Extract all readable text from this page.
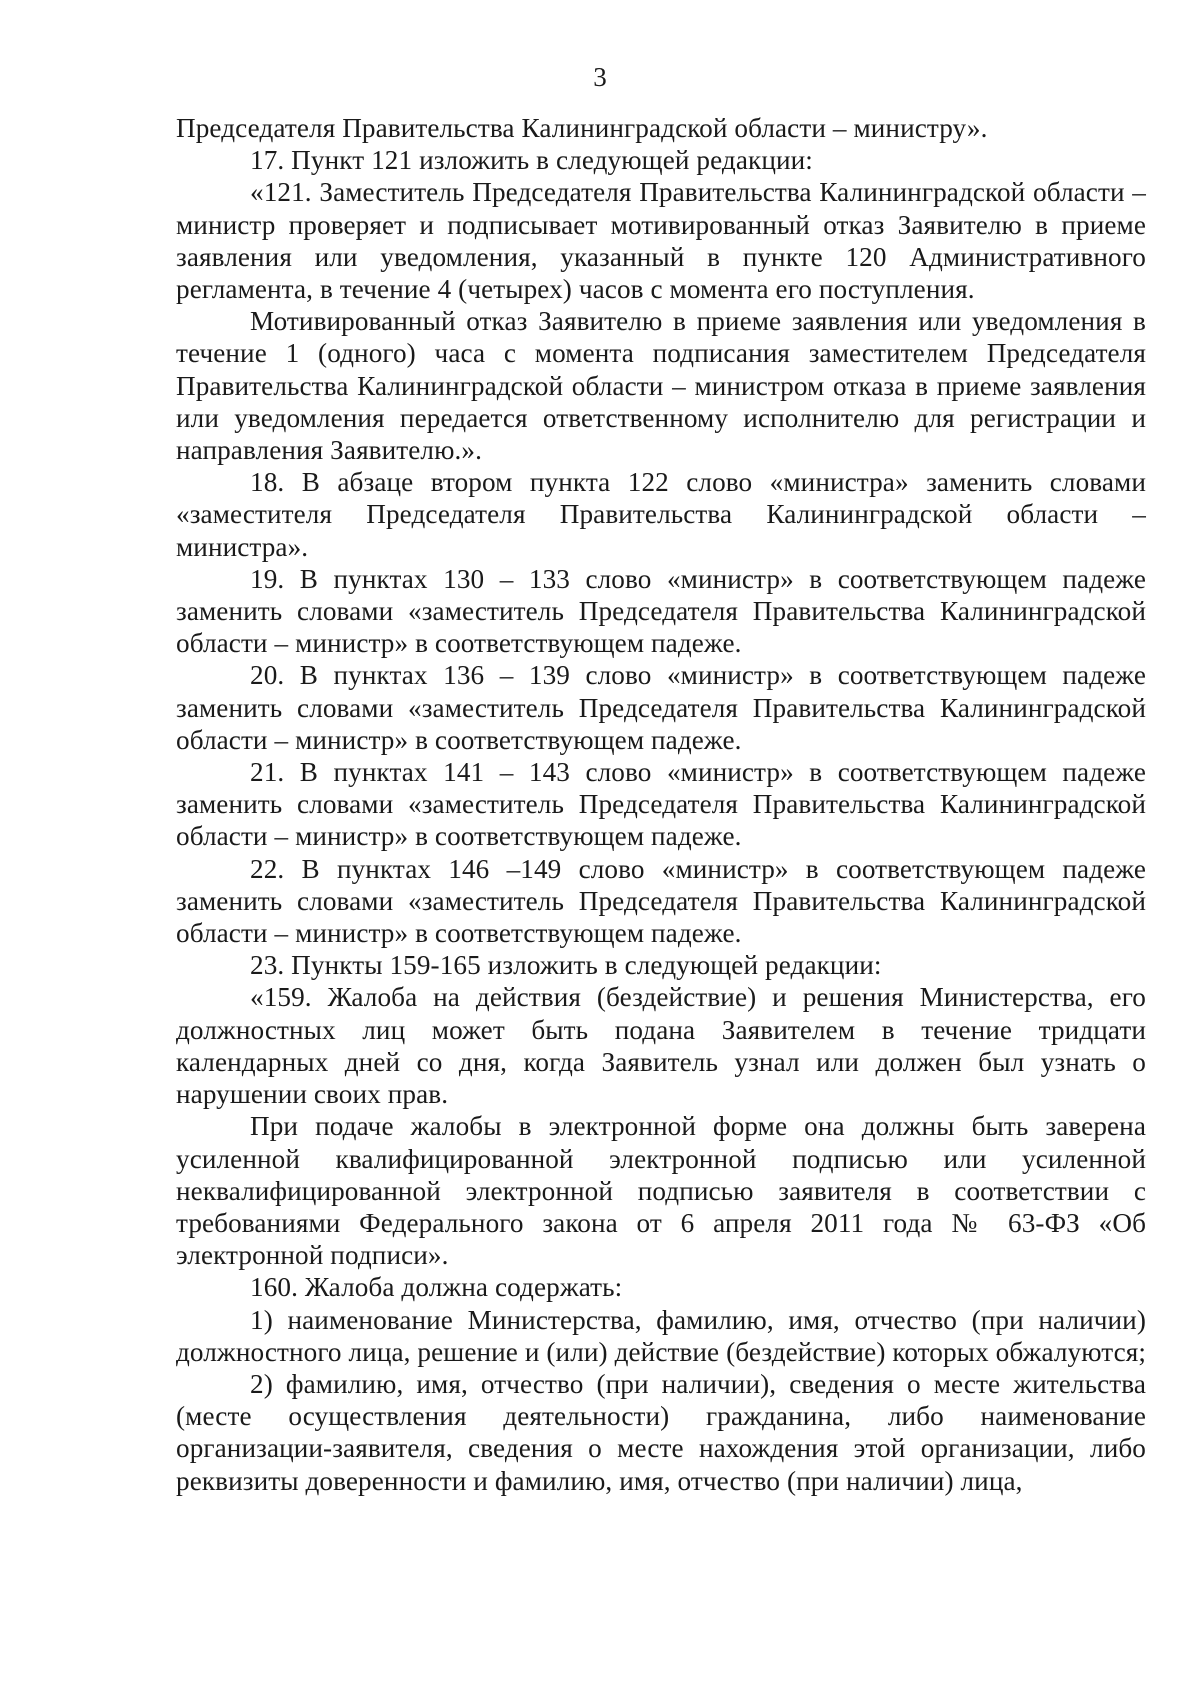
3

Председателя Правительства Калининградской области – министру».

17. Пункт 121 изложить в следующей редакции:

«121. Заместитель Председателя Правительства Калининградской области – министр проверяет и подписывает мотивированный отказ Заявителю в приеме заявления или уведомления, указанный в пункте 120 Административного регламента, в течение 4 (четырех) часов с момента его поступления.

Мотивированный отказ Заявителю в приеме заявления или уведомления в течение 1 (одного) часа с момента подписания заместителем Председателя Правительства Калининградской области – министром отказа в приеме заявления или уведомления передается ответственному исполнителю для регистрации и направления Заявителю.».

18. В абзаце втором пункта 122 слово «министра» заменить словами «заместителя Председателя Правительства Калининградской области – министра».

19. В пунктах 130 – 133 слово «министр» в соответствующем падеже заменить словами «заместитель Председателя Правительства Калининградской области – министр» в соответствующем падеже.

20. В пунктах 136 – 139 слово «министр» в соответствующем падеже заменить словами «заместитель Председателя Правительства Калининградской области – министр» в соответствующем падеже.

21. В пунктах 141 – 143 слово «министр» в соответствующем падеже заменить словами «заместитель Председателя Правительства Калининградской области – министр» в соответствующем падеже.

22. В пунктах 146 –149 слово «министр» в соответствующем падеже заменить словами «заместитель Председателя Правительства Калининградской области – министр» в соответствующем падеже.

23. Пункты 159-165 изложить в следующей редакции:

«159. Жалоба на действия (бездействие) и решения Министерства, его должностных лиц может быть подана Заявителем в течение тридцати календарных дней со дня, когда Заявитель узнал или должен был узнать о нарушении своих прав.

При подаче жалобы в электронной форме она должны быть заверена усиленной квалифицированной электронной подписью или усиленной неквалифицированной электронной подписью заявителя в соответствии с требованиями Федерального закона от 6 апреля 2011 года № 63-ФЗ «Об электронной подписи».

160. Жалоба должна содержать:

1) наименование Министерства, фамилию, имя, отчество (при наличии) должностного лица, решение и (или) действие (бездействие) которых обжалуются;

2) фамилию, имя, отчество (при наличии), сведения о месте жительства (месте осуществления деятельности) гражданина, либо наименование организации-заявителя, сведения о месте нахождения этой организации, либо реквизиты доверенности и фамилию, имя, отчество (при наличии) лица,
